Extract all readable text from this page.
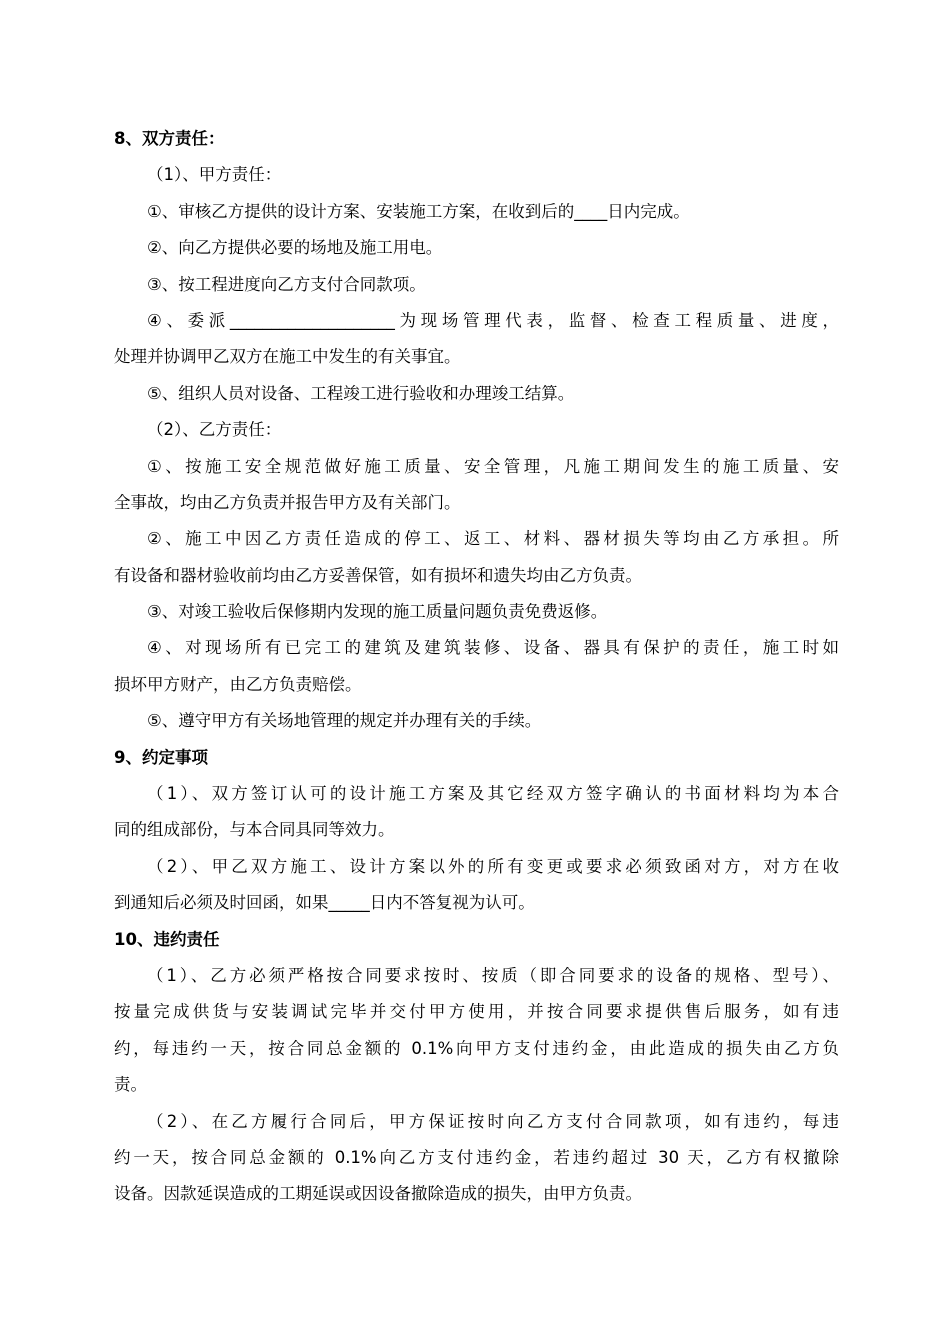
8、双方责任：
（1）、甲方责任：
①、审核乙方提供的设计方案、安装施工方案，在收到后的____日内完成。
②、向乙方提供必要的场地及施工用电。
③、按工程进度向乙方支付合同款项。
④、委派____________________为现场管理代表，监督、检查工程质量、进度，
处理并协调甲乙双方在施工中发生的有关事宜。
⑤、组织人员对设备、工程竣工进行验收和办理竣工结算。
（2）、乙方责任：
①、按施工安全规范做好施工质量、安全管理，凡施工期间发生的施工质量、安
全事故，均由乙方负责并报告甲方及有关部门。
②、施工中因乙方责任造成的停工、返工、材料、器材损失等均由乙方承担。所
有设备和器材验收前均由乙方妥善保管，如有损坏和遗失均由乙方负责。
③、对竣工验收后保修期内发现的施工质量问题负责免费返修。
④、对现场所有已完工的建筑及建筑装修、设备、器具有保护的责任，施工时如
损坏甲方财产，由乙方负责赔偿。
⑤、遵守甲方有关场地管理的规定并办理有关的手续。
9、约定事项
（1）、双方签订认可的设计施工方案及其它经双方签字确认的书面材料均为本合
同的组成部份，与本合同具同等效力。
（2）、甲乙双方施工、设计方案以外的所有变更或要求必须致函对方，对方在收
到通知后必须及时回函，如果_____日内不答复视为认可。
10、违约责任
（1）、乙方必须严格按合同要求按时、按质（即合同要求的设备的规格、型号）、
按量完成供货与安装调试完毕并交付甲方使用，并按合同要求提供售后服务，如有违
约，每违约一天，按合同总金额的 0.1%向甲方支付违约金，由此造成的损失由乙方负
责。
（2）、在乙方履行合同后，甲方保证按时向乙方支付合同款项，如有违约，每违
约一天，按合同总金额的 0.1%向乙方支付违约金，若违约超过 30 天，乙方有权撤除
设备。因款延误造成的工期延误或因设备撤除造成的损失，由甲方负责。
